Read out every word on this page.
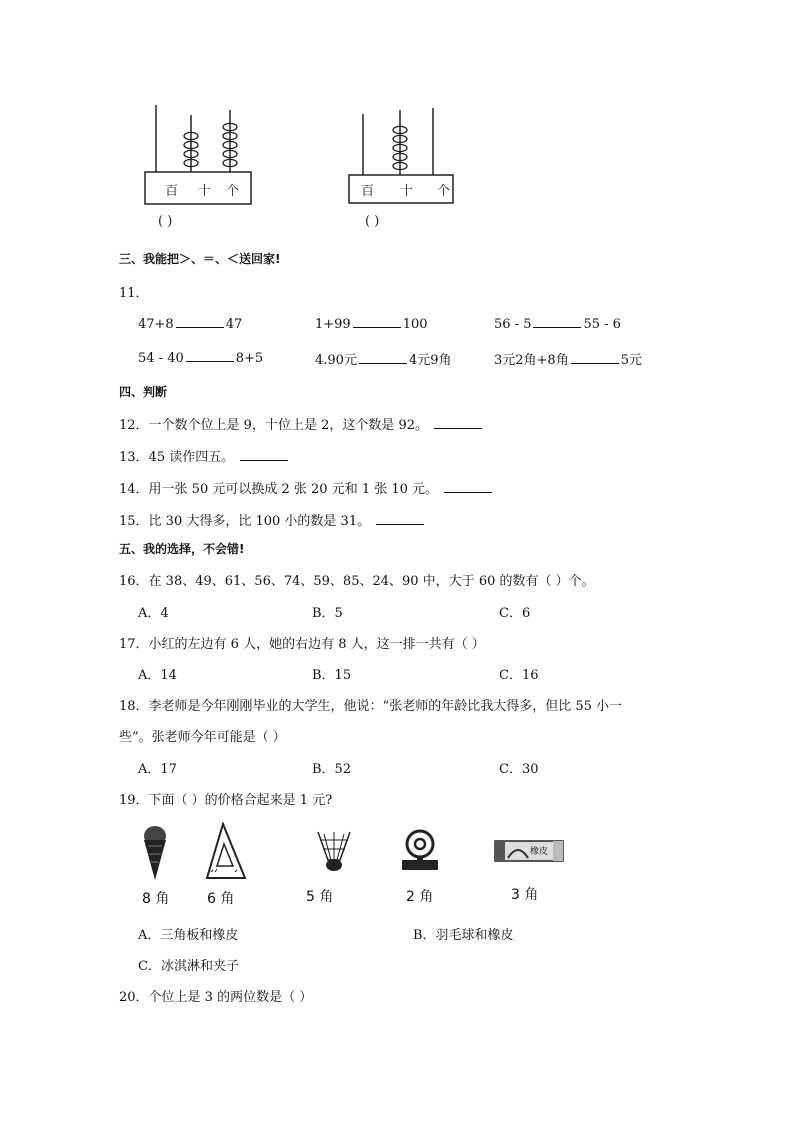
百 十 个
( )
百 十 个
( )
三、我能把＞、＝、＜送回家!
11．
47+8	47	1+99	100	56 - 5	55 - 6
54 - 40	8+5	4.90元	4元9角	3元2角+8角	5元
四、判断
12．一个数个位上是 9，十位上是 2，这个数是 92。
13．45 读作四五。
14．用一张 50 元可以换成 2 张 20 元和 1 张 10 元。
15．比 30 大得多，比 100 小的数是 31。
五、我的选择，不会错!
16．在 38、49、61、56、74、59、85、24、90 中，大于 60 的数有（ ）个。
A．4	B．5	C．6
17．小红的左边有 6 人，她的右边有 8 人，这一排一共有（ ）
A．14	B．15	C．16
18．李老师是今年刚刚毕业的大学生，他说：“张老师的年龄比我大得多，但比 55 小一
些”。张老师今年可能是（ ）
A．17	B．52	C．30
19．下面（ ）的价格合起来是 1 元?
橡皮
8 角	6 角	5 角	2 角	3 角
A．三角板和橡皮	B．羽毛球和橡皮
C．冰淇淋和夹子
20．个位上是 3 的两位数是（ ）
